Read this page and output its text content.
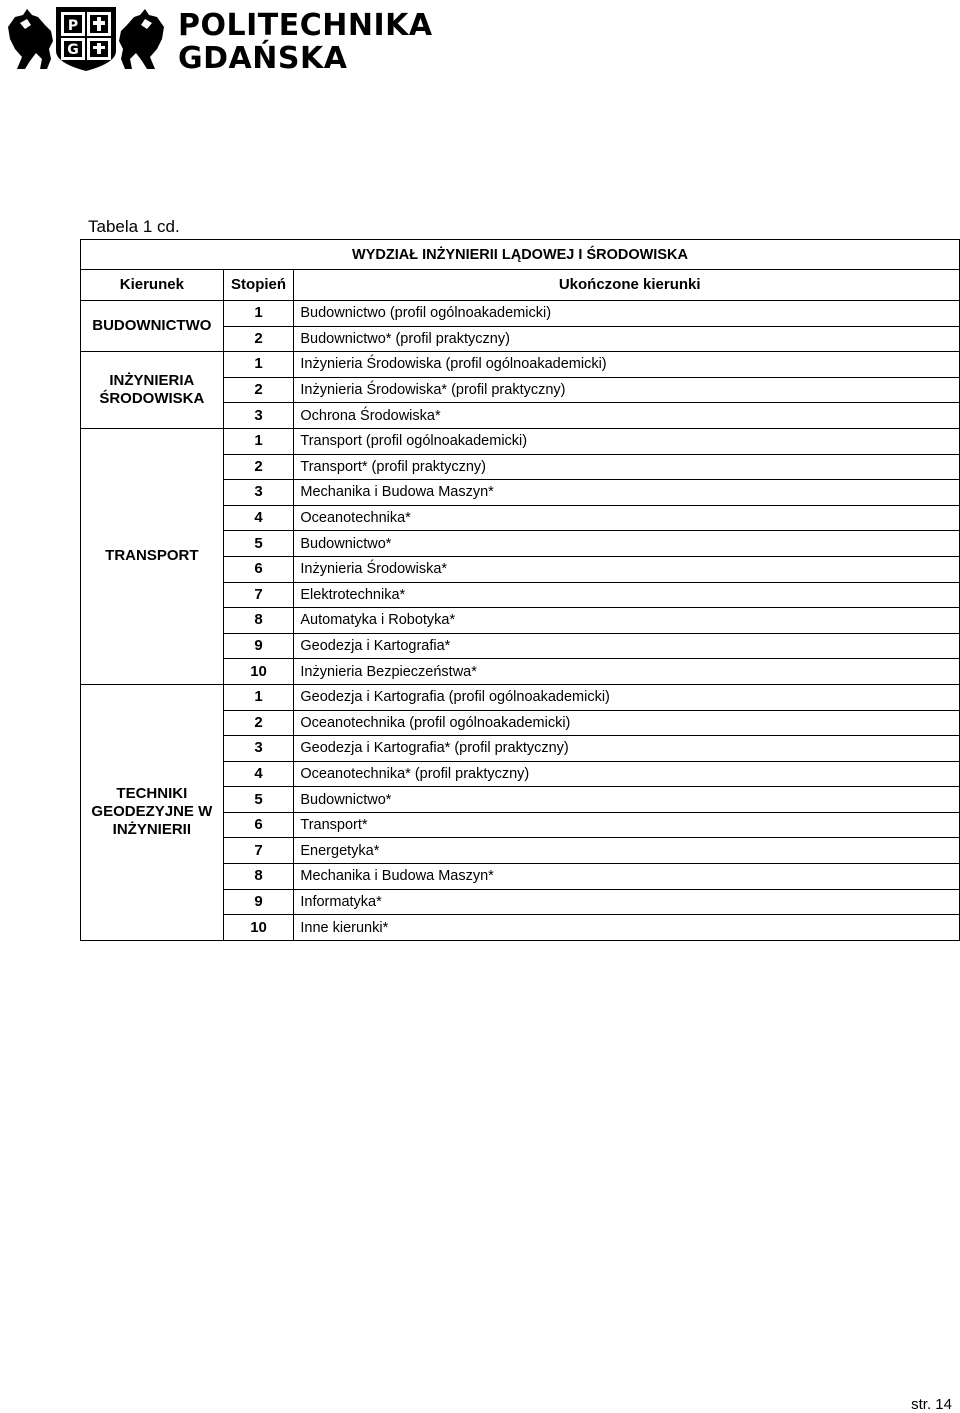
P
G
POLITECHNIKA
GDAŃSKA
Tabela 1 cd.
WYDZIAŁ INŻYNIERII LĄDOWEJ I ŚRODOWISKA		
Kierunek	Stopień	Ukończone kierunki
BUDOWNICTWO	1	Budownictwo (profil ogólnoakademicki)
	2	Budownictwo* (profil praktyczny)
INŻYNIERIA ŚRODOWISKA	1	Inżynieria Środowiska (profil ogólnoakademicki)
	2	Inżynieria Środowiska* (profil praktyczny)
	3	Ochrona Środowiska*
TRANSPORT	1	Transport (profil ogólnoakademicki)
	2	Transport* (profil praktyczny)
	3	Mechanika i Budowa Maszyn*
	4	Oceanotechnika*
	5	Budownictwo*
	6	Inżynieria Środowiska*
	7	Elektrotechnika*
	8	Automatyka i Robotyka*
	9	Geodezja i Kartografia*
	10	Inżynieria Bezpieczeństwa*
TECHNIKI GEODEZYJNE W INŻYNIERII	1	Geodezja i Kartografia (profil ogólnoakademicki)
	2	Oceanotechnika (profil ogólnoakademicki)
	3	Geodezja i Kartografia* (profil praktyczny)
	4	Oceanotechnika* (profil praktyczny)
	5	Budownictwo*
	6	Transport*
	7	Energetyka*
	8	Mechanika i Budowa Maszyn*
	9	Informatyka*
	10	Inne kierunki*
str. 14
